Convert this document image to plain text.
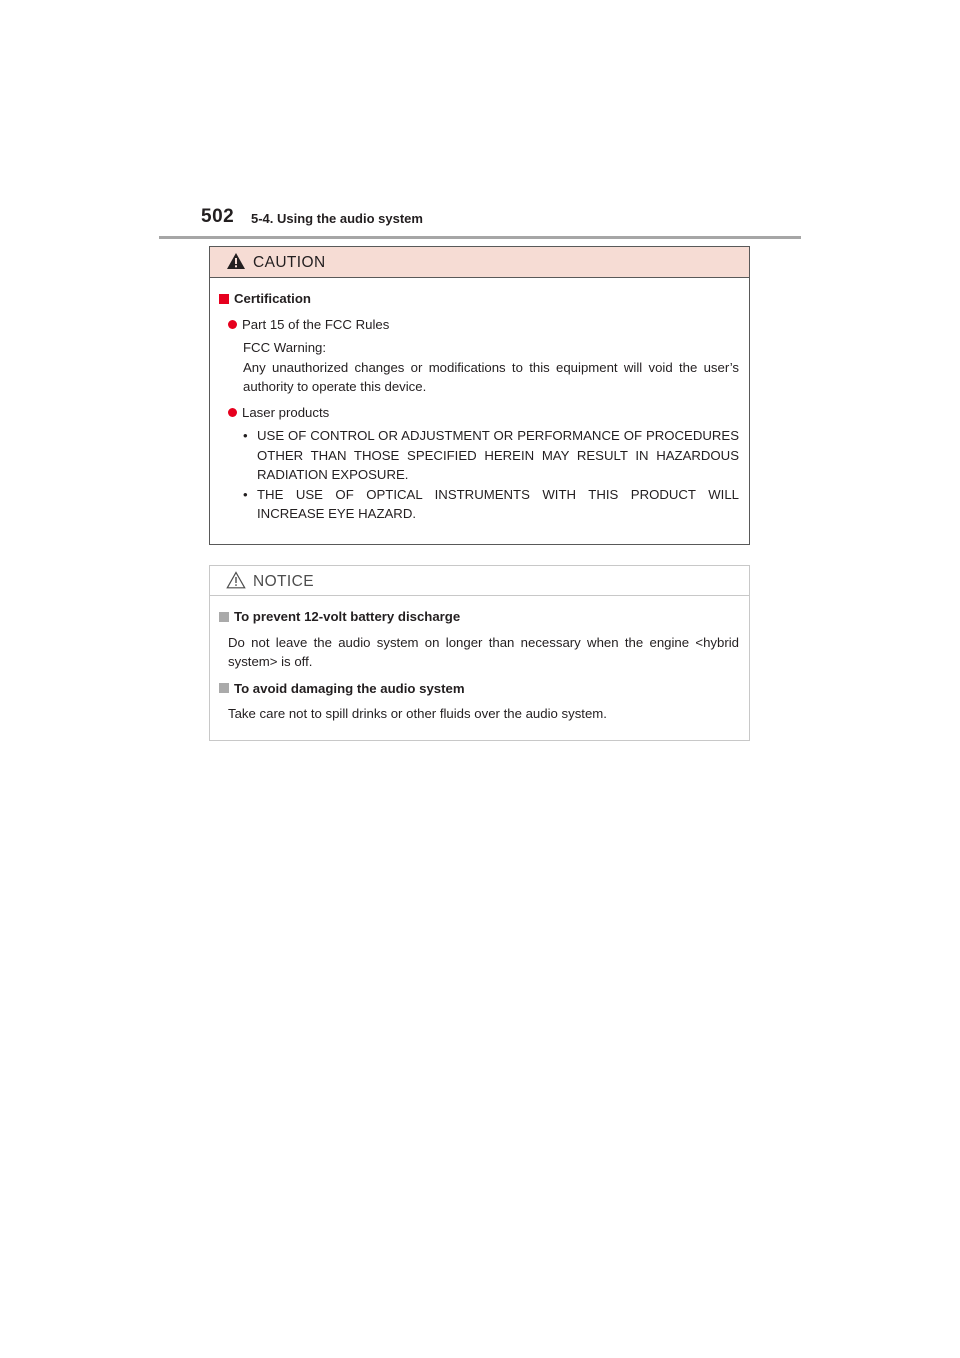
502 5-4. Using the audio system
CAUTION
Certification
Part 15 of the FCC Rules
FCC Warning:
Any unauthorized changes or modifications to this equipment will void the user’s authority to operate this device.
Laser products
• USE OF CONTROL OR ADJUSTMENT OR PERFORMANCE OF PROCEDURES OTHER THAN THOSE SPECIFIED HEREIN MAY RESULT IN HAZARDOUS RADIATION EXPOSURE.
• THE USE OF OPTICAL INSTRUMENTS WITH THIS PRODUCT WILL INCREASE EYE HAZARD.
NOTICE
To prevent 12-volt battery discharge
Do not leave the audio system on longer than necessary when the engine <hybrid system> is off.
To avoid damaging the audio system
Take care not to spill drinks or other fluids over the audio system.
